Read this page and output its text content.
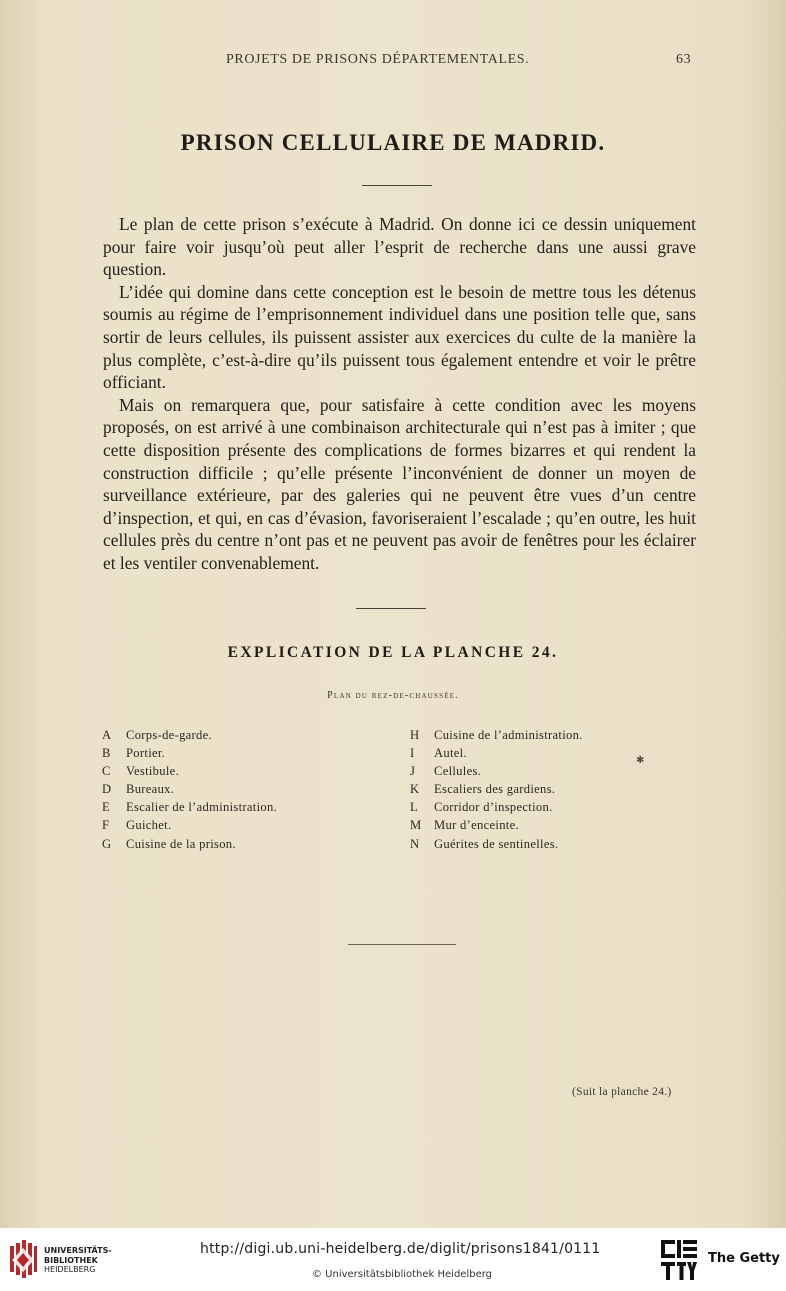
PROJETS DE PRISONS DÉPARTEMENTALES.	63
PRISON CELLULAIRE DE MADRID.

Le plan de cette prison s’exécute à Madrid. On donne ici ce dessin uniquement pour faire voir jusqu’où peut aller l’esprit de recherche dans une aussi grave question.

L’idée qui domine dans cette conception est le besoin de mettre tous les détenus soumis au régime de l’emprisonnement individuel dans une position telle que, sans sortir de leurs cellules, ils puissent assister aux exercices du culte de la manière la plus complète, c’est-à-dire qu’ils puissent tous également entendre et voir le prêtre officiant.

Mais on remarquera que, pour satisfaire à cette condition avec les moyens proposés, on est arrivé à une combinaison architecturale qui n’est pas à imiter ; que cette disposition présente des complications de formes bizarres et qui rendent la construction difficile ; qu’elle présente l’inconvénient de donner un moyen de surveillance extérieure, par des galeries qui ne peuvent être vues d’un centre d’inspection, et qui, en cas d’évasion, favoriseraient l’escalade ; qu’en outre, les huit cellules près du centre n’ont pas et ne peuvent pas avoir de fenêtres pour les éclairer et les ventiler convenablement.

EXPLICATION DE LA PLANCHE 24.
Plan du rez-de-chaussée.
A Corps-de-garde.
B Portier.
C Vestibule.
D Bureaux.
E Escalier de l’administration.
F Guichet.
G Cuisine de la prison.
H Cuisine de l’administration.
I Autel.
J Cellules.
K Escaliers des gardiens.
L Corridor d’inspection.
M Mur d’enceinte.
N Guérites de sentinelles.
✱
(Suit la planche 24.)
UNIVERSITÄTS-
BIBLIOTHEK
HEIDELBERG
http://digi.ub.uni-heidelberg.de/diglit/prisons1841/0111
© Universitätsbibliothek Heidelberg
The Getty
